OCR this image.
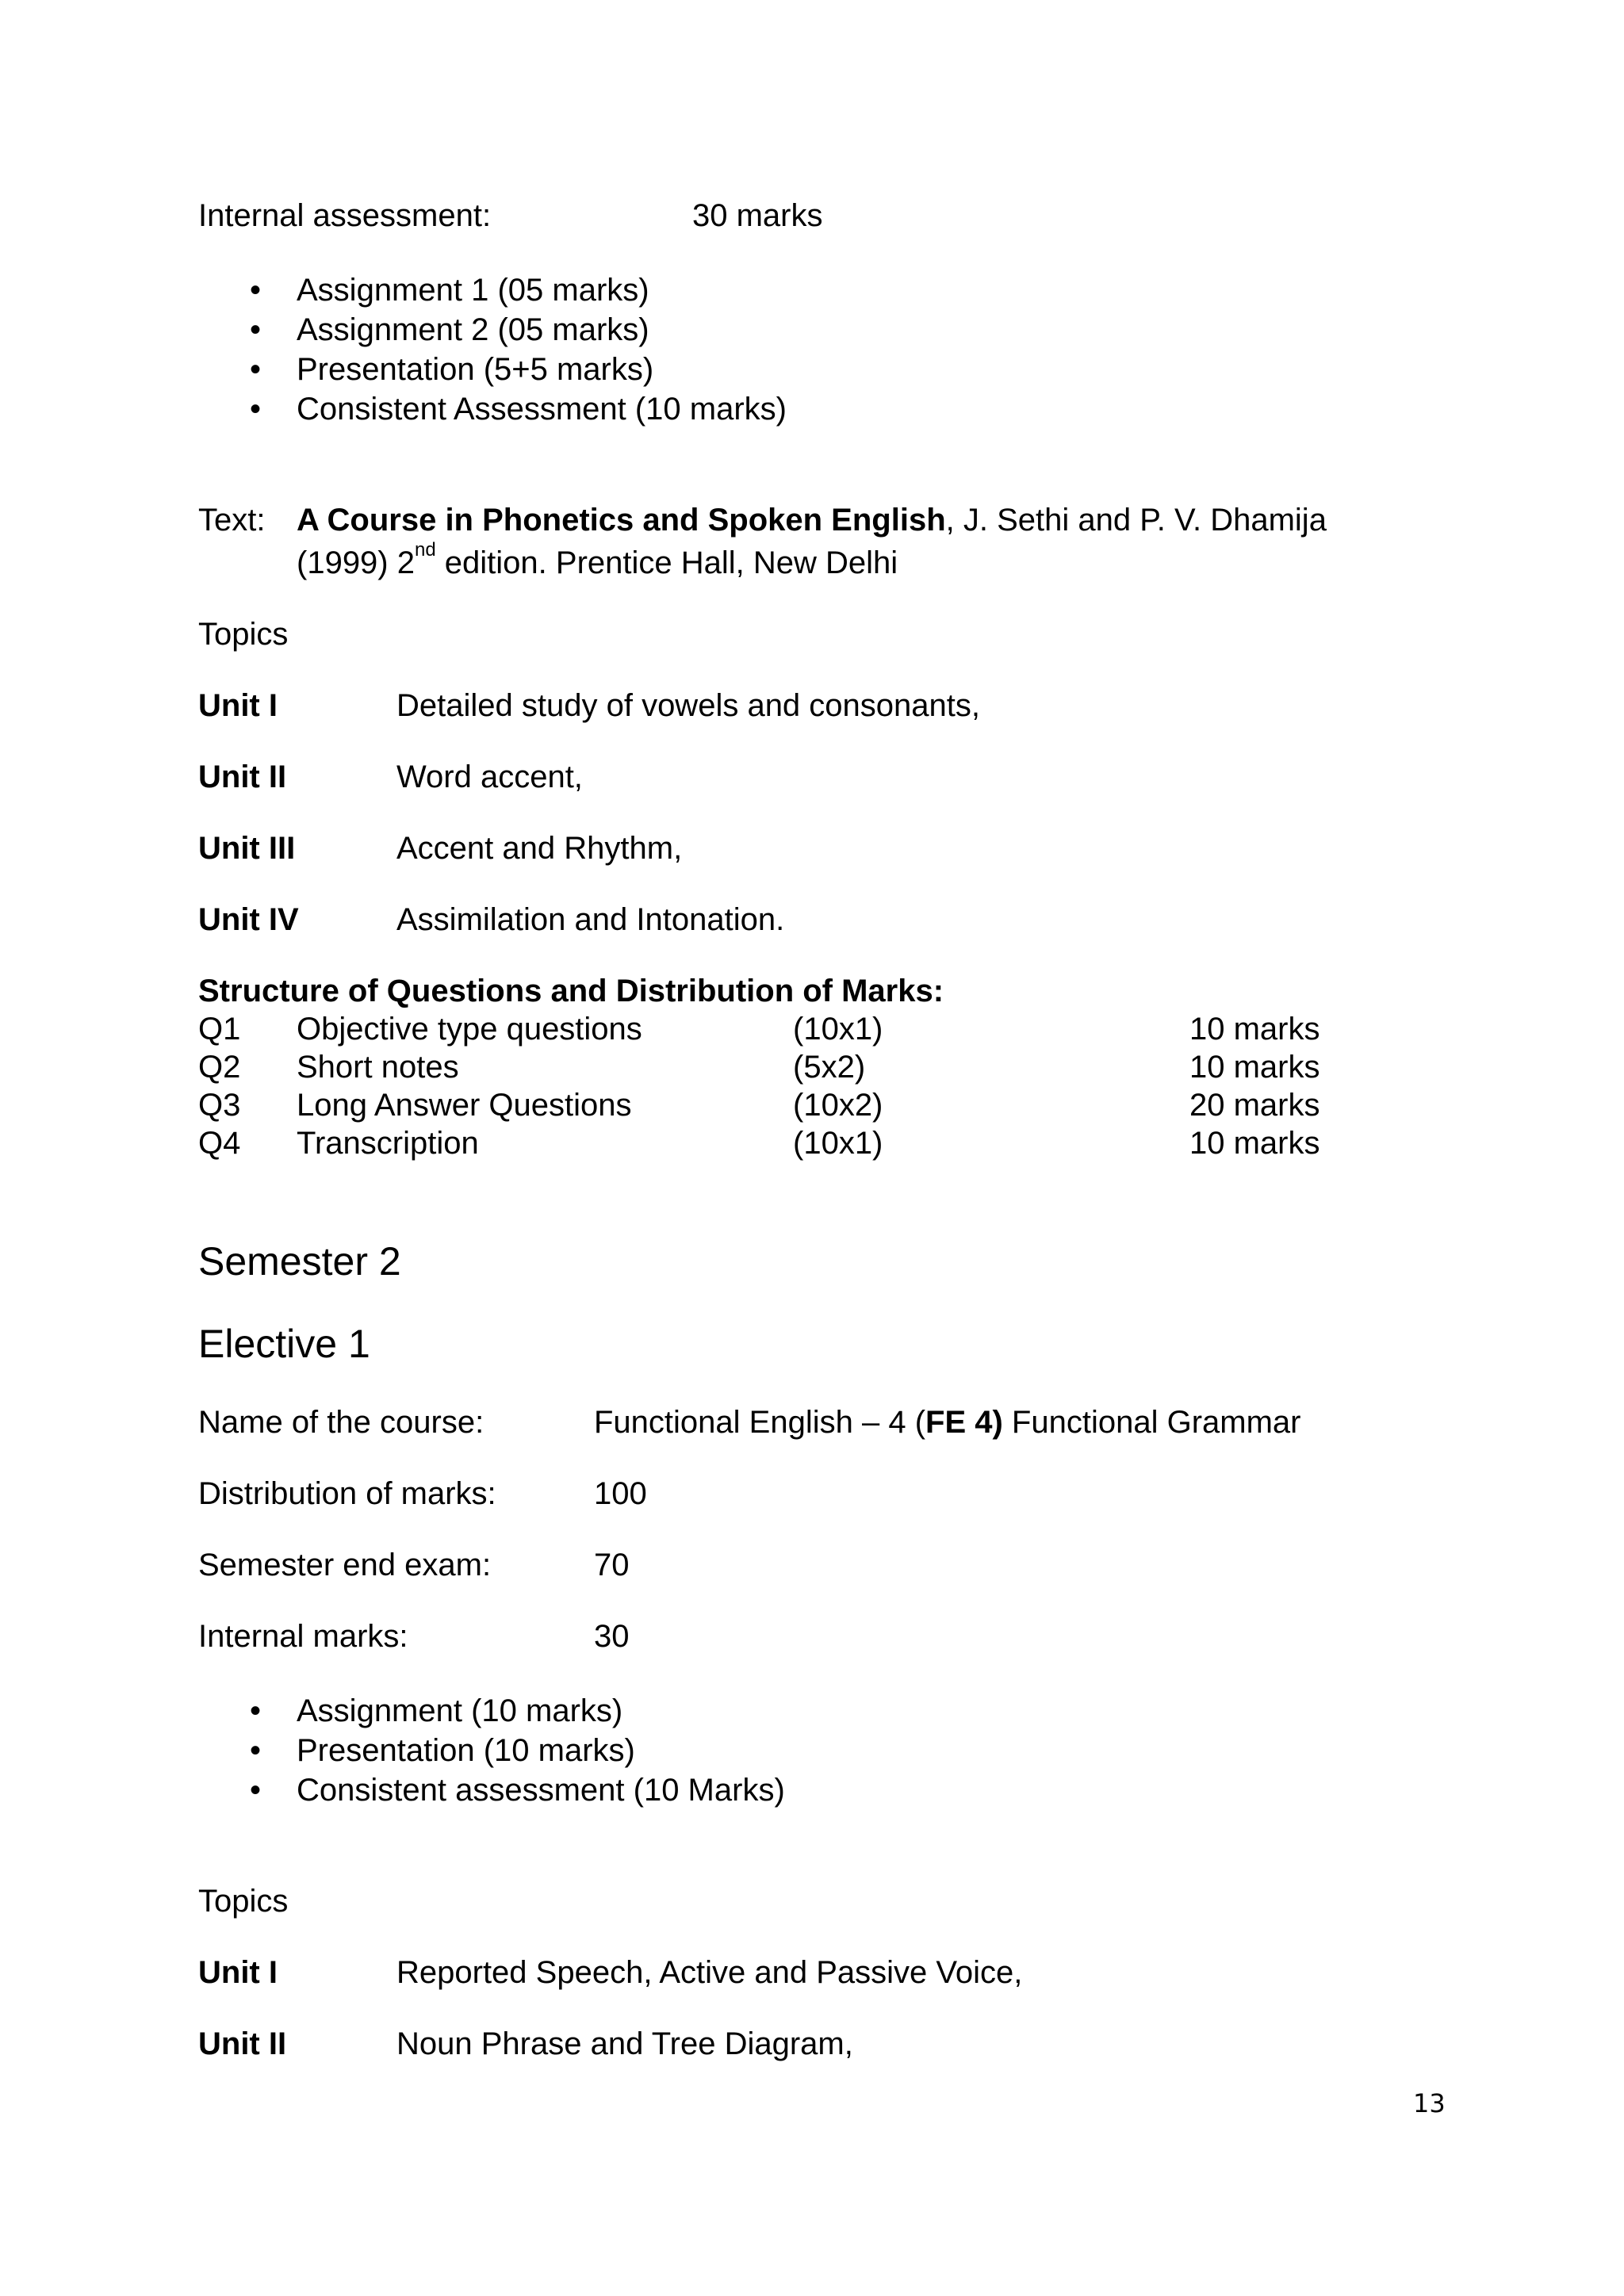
Internal assessment:	30 marks
• Assignment 1 (05 marks)
• Assignment 2 (05 marks)
• Presentation (5+5 marks)
• Consistent Assessment (10 marks)
Text: A Course in Phonetics and Spoken English, J. Sethi and P. V. Dhamija
(1999) 2nd edition. Prentice Hall, New Delhi
Topics
Unit I	Detailed study of vowels and consonants,
Unit II	Word accent,
Unit III	Accent and Rhythm,
Unit IV	Assimilation and Intonation.
Structure of Questions and Distribution of Marks:
Q1 Objective type questions	(10x1)	10 marks
Q2 Short notes	(5x2)	10 marks
Q3 Long Answer Questions	(10x2)	20 marks
Q4 Transcription	(10x1)	10 marks
Semester 2
Elective 1
Name of the course:	Functional English – 4 (FE 4) Functional Grammar
Distribution of marks:	100
Semester end exam:	70
Internal marks:	30
• Assignment (10 marks)
• Presentation (10 marks)
• Consistent assessment (10 Marks)
Topics
Unit I	Reported Speech, Active and Passive Voice,
Unit II	Noun Phrase and Tree Diagram,
13
